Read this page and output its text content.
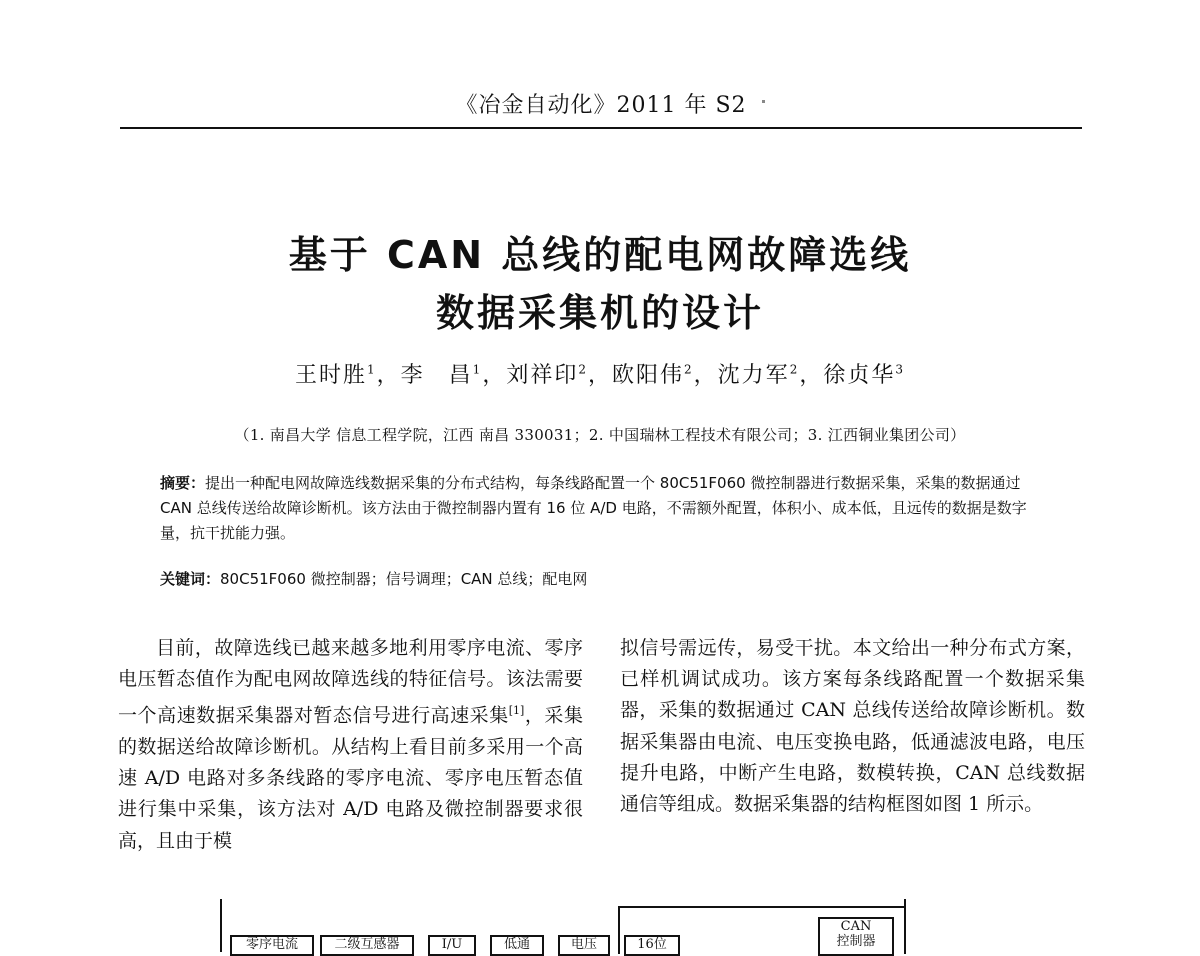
《冶金自动化》2011 年 S2
基于 CAN 总线的配电网故障选线
数据采集机的设计
王时胜$^1$，李　昌$^1$，刘祥印$^2$，欧阳伟$^2$，沈力军$^2$，徐贞华$^3$
（1. 南昌大学 信息工程学院，江西 南昌 330031；2. 中国瑞林工程技术有限公司；3. 江西铜业集团公司）
摘要：提出一种配电网故障选线数据采集的分布式结构，每条线路配置一个 80C51F060 微控制器进行数据采集，采集的数据通过 CAN 总线传送给故障诊断机。该方法由于微控制器内置有 16 位 A/D 电路，不需额外配置，体积小、成本低，且远传的数据是数字量，抗干扰能力强。
关键词：80C51F060 微控制器；信号调理；CAN 总线；配电网

目前，故障选线已越来越多地利用零序电流、零序电压暂态值作为配电网故障选线的特征信号。该法需要一个高速数据采集器对暂态信号进行高速采集[1]，采集的数据送给故障诊断机。从结构上看目前多采用一个高速 A/D 电路对多条线路的零序电流、零序电压暂态值进行集中采集，该方法对 A/D 电路及微控制器要求很高，且由于模

拟信号需远传，易受干扰。本文给出一种分布式方案，已样机调试成功。该方案每条线路配置一个数据采集器，采集的数据通过 CAN 总线传送给故障诊断机。数据采集器由电流、电压变换电路，低通滤波电路，电压提升电路，中断产生电路，数模转换，CAN 总线数据通信等组成。数据采集器的结构框图如图 1 所示。

零序电流	二级互感器	I/U	低通	电压	16位
CAN
控制器
